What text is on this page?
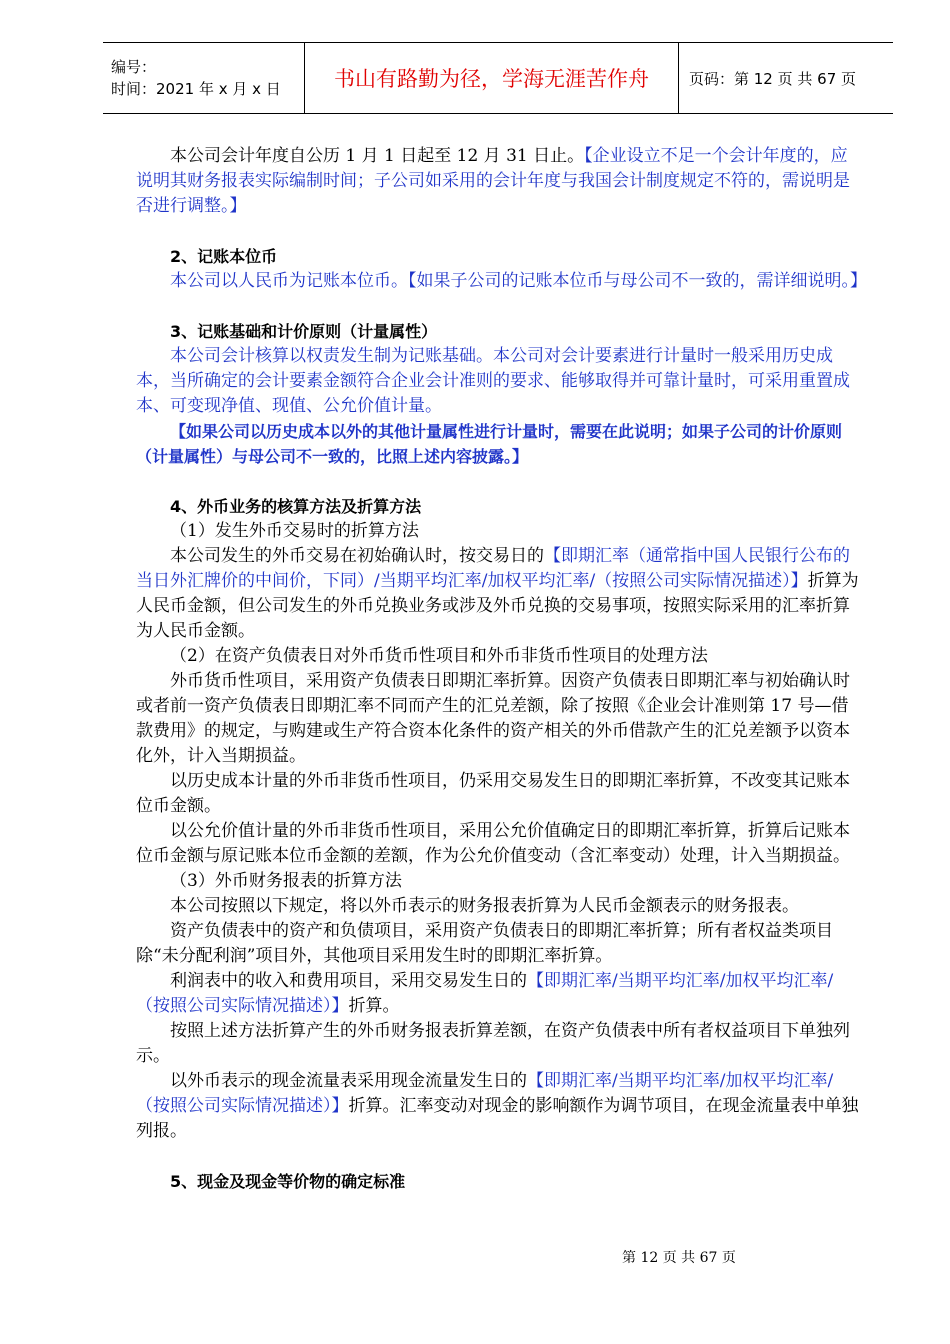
编号：
时间：2021 年 x 月 x 日	书山有路勤为径，学海无涯苦作舟	页码：第 12 页 共 67 页

本公司会计年度自公历 1 月 1 日起至 12 月 31 日止。【企业设立不足一个会计年度的，应说明其财务报表实际编制时间；子公司如采用的会计年度与我国会计制度规定不符的，需说明是否进行调整。】

2、记账本位币

本公司以人民币为记账本位币。【如果子公司的记账本位币与母公司不一致的，需详细说明。】

3、记账基础和计价原则（计量属性）

本公司会计核算以权责发生制为记账基础。本公司对会计要素进行计量时一般采用历史成本，当所确定的会计要素金额符合企业会计准则的要求、能够取得并可靠计量时，可采用重置成本、可变现净值、现值、公允价值计量。

【如果公司以历史成本以外的其他计量属性进行计量时，需要在此说明；如果子公司的计价原则（计量属性）与母公司不一致的，比照上述内容披露。】

4、外币业务的核算方法及折算方法

（1）发生外币交易时的折算方法

本公司发生的外币交易在初始确认时，按交易日的【即期汇率（通常指中国人民银行公布的当日外汇牌价的中间价，下同）/当期平均汇率/加权平均汇率/（按照公司实际情况描述）】折算为人民币金额，但公司发生的外币兑换业务或涉及外币兑换的交易事项，按照实际采用的汇率折算为人民币金额。

（2）在资产负债表日对外币货币性项目和外币非货币性项目的处理方法

外币货币性项目，采用资产负债表日即期汇率折算。因资产负债表日即期汇率与初始确认时或者前一资产负债表日即期汇率不同而产生的汇兑差额，除了按照《企业会计准则第 17 号—借款费用》的规定，与购建或生产符合资本化条件的资产相关的外币借款产生的汇兑差额予以资本化外，计入当期损益。

以历史成本计量的外币非货币性项目，仍采用交易发生日的即期汇率折算，不改变其记账本位币金额。

以公允价值计量的外币非货币性项目，采用公允价值确定日的即期汇率折算，折算后记账本位币金额与原记账本位币金额的差额，作为公允价值变动（含汇率变动）处理，计入当期损益。

（3）外币财务报表的折算方法

本公司按照以下规定，将以外币表示的财务报表折算为人民币金额表示的财务报表。

资产负债表中的资产和负债项目，采用资产负债表日的即期汇率折算；所有者权益类项目除“未分配利润”项目外，其他项目采用发生时的即期汇率折算。

利润表中的收入和费用项目，采用交易发生日的【即期汇率/当期平均汇率/加权平均汇率/（按照公司实际情况描述）】折算。

按照上述方法折算产生的外币财务报表折算差额，在资产负债表中所有者权益项目下单独列示。

以外币表示的现金流量表采用现金流量发生日的【即期汇率/当期平均汇率/加权平均汇率/（按照公司实际情况描述）】折算。汇率变动对现金的影响额作为调节项目，在现金流量表中单独列报。

5、现金及现金等价物的确定标准

第 12 页 共 67 页
